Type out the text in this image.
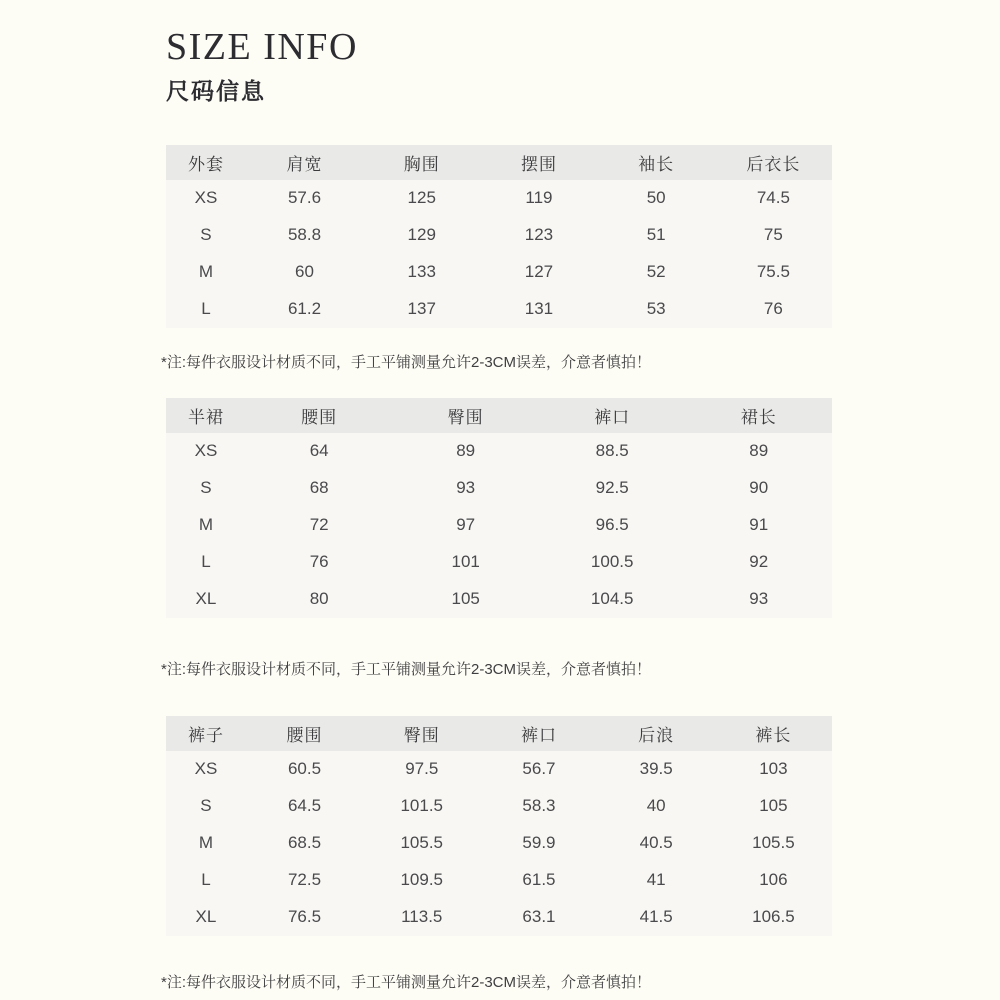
SIZE INFO
尺码信息
外套	肩宽	胸围	摆围	袖长	后衣长
XS	57.6	125	119	50	74.5
S	58.8	129	123	51	75
M	60	133	127	52	75.5
L	61.2	137	131	53	76
*注:每件衣服设计材质不同，手工平铺测量允许2-3CM误差，介意者慎拍！
半裙	腰围	臀围	裤口	裙长
XS	64	89	88.5	89
S	68	93	92.5	90
M	72	97	96.5	91
L	76	101	100.5	92
XL	80	105	104.5	93
*注:每件衣服设计材质不同，手工平铺测量允许2-3CM误差，介意者慎拍！
裤子	腰围	臀围	裤口	后浪	裤长
XS	60.5	97.5	56.7	39.5	103
S	64.5	101.5	58.3	40	105
M	68.5	105.5	59.9	40.5	105.5
L	72.5	109.5	61.5	41	106
XL	76.5	113.5	63.1	41.5	106.5
*注:每件衣服设计材质不同，手工平铺测量允许2-3CM误差，介意者慎拍！
